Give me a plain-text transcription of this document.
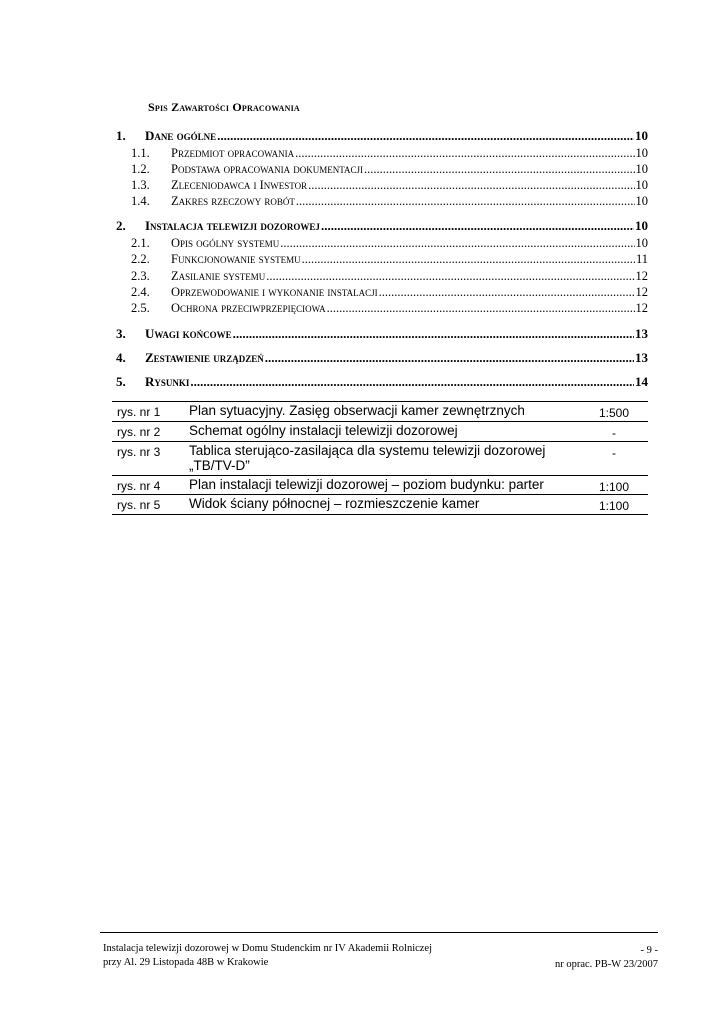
Spis Zawartości Opracowania
1.	Dane ogólne .....	10
1.1.	Przedmiot opracowania .....	10
1.2.	Podstawa opracowania dokumentacji .....	10
1.3.	Zleceniodawca i Inwestor .....	10
1.4.	Zakres rzeczowy robót .....	10
2.	Instalacja telewizji dozorowej .....	10
2.1.	Opis ogólny systemu .....	10
2.2.	Funkcjonowanie systemu .....	11
2.3.	Zasilanie systemu .....	12
2.4.	Oprzewodowanie i wykonanie instalacji .....	12
2.5.	Ochrona przeciwprzepięciowa .....	12
3.	Uwagi końcowe .....	13
4.	Zestawienie urządzeń .....	13
5.	Rysunki .....	14
rys. nr 1	Plan sytuacyjny. Zasięg obserwacji kamer zewnętrznych	1:500
rys. nr 2	Schemat ogólny instalacji telewizji dozorowej	-
rys. nr 3	Tablica sterująco-zasilająca dla systemu telewizji dozorowej „TB/TV-D”	-
rys. nr 4	Plan instalacji telewizji dozorowej – poziom budynku: parter	1:100
rys. nr 5	Widok ściany północnej – rozmieszczenie kamer	1:100
Instalacja telewizji dozorowej w Domu Studenckim nr IV Akademii Rolniczej
przy Al. 29 Listopada 48B w Krakowie
- 9 -
nr oprac. PB-W 23/2007
